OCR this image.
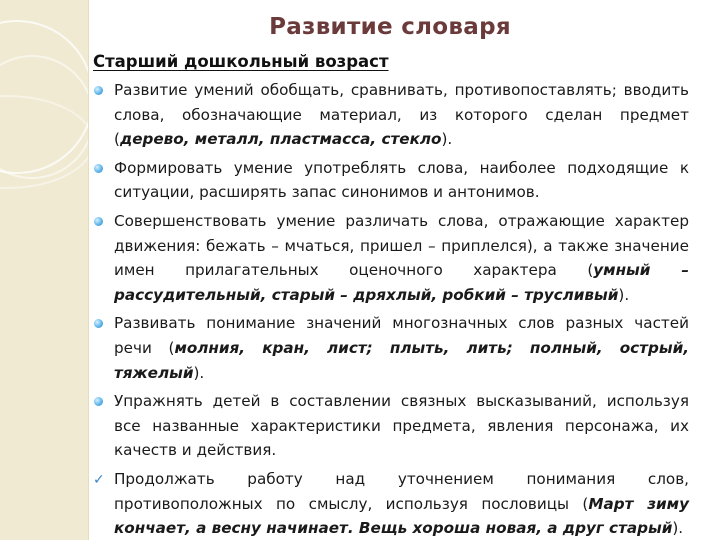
Развитие словаря
Старший дошкольный возраст
Развитие умений обобщать, сравнивать, противопоставлять; вводить слова, обозначающие материал, из которого сделан предмет (дерево, металл, пластмасса, стекло).
Формировать умение употреблять слова, наиболее подходящие к ситуации, расширять запас синонимов и антонимов.
Совершенствовать умение различать слова, отражающие характер движения: бежать – мчаться, пришел – приплелся), а также значение имен прилагательных оценочного характера (умный – рассудительный, старый – дряхлый, робкий – трусливый).
Развивать понимание значений многозначных слов разных частей речи (молния, кран, лист; плыть, лить; полный, острый, тяжелый).
Упражнять детей в составлении связных высказываний, используя все названные характеристики предмета, явления персонажа, их качеств и действия.
✓ Продолжать работу над уточнением понимания слов, противоположных по смыслу, используя пословицы (Март зиму кончает, а весну начинает. Вещь хороша новая, а друг старый).
